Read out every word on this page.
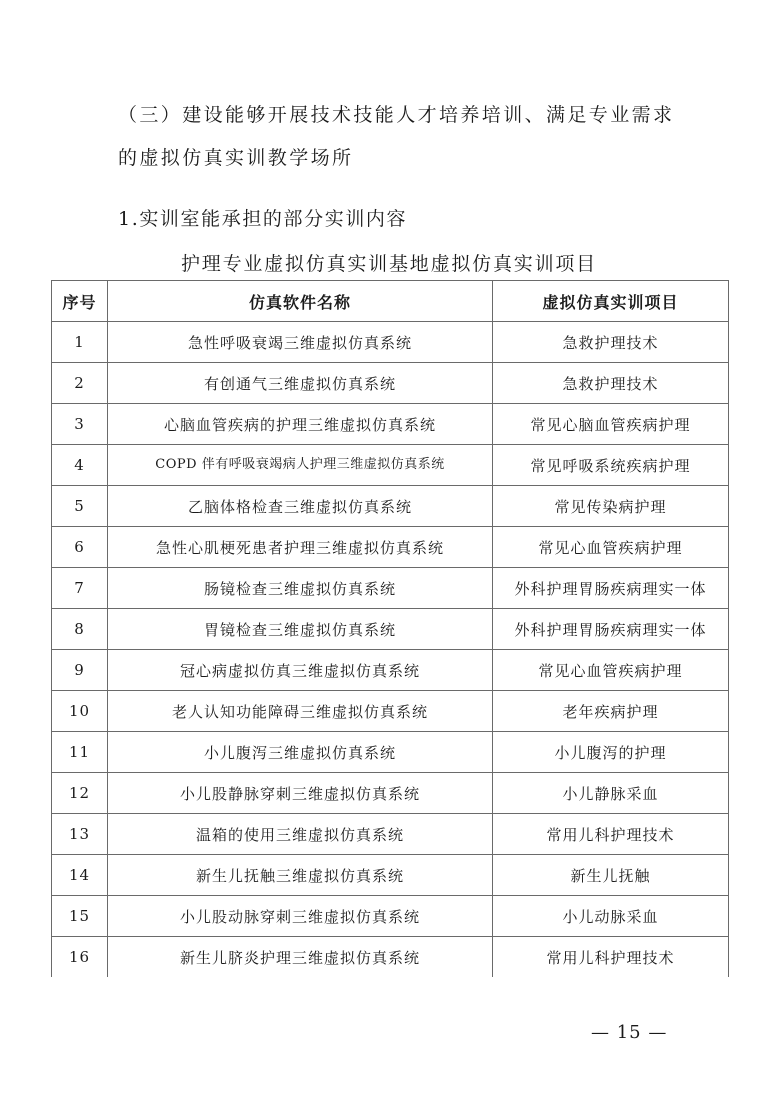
（三）建设能够开展技术技能人才培养培训、满足专业需求
的虚拟仿真实训教学场所
1.实训室能承担的部分实训内容
护理专业虚拟仿真实训基地虚拟仿真实训项目
序号	仿真软件名称	虚拟仿真实训项目
1	急性呼吸衰竭三维虚拟仿真系统	急救护理技术
2	有创通气三维虚拟仿真系统	急救护理技术
3	心脑血管疾病的护理三维虚拟仿真系统	常见心脑血管疾病护理
4	COPD 伴有呼吸衰竭病人护理三维虚拟仿真系统	常见呼吸系统疾病护理
5	乙脑体格检查三维虚拟仿真系统	常见传染病护理
6	急性心肌梗死患者护理三维虚拟仿真系统	常见心血管疾病护理
7	肠镜检查三维虚拟仿真系统	外科护理胃肠疾病理实一体
8	胃镜检查三维虚拟仿真系统	外科护理胃肠疾病理实一体
9	冠心病虚拟仿真三维虚拟仿真系统	常见心血管疾病护理
10	老人认知功能障碍三维虚拟仿真系统	老年疾病护理
11	小儿腹泻三维虚拟仿真系统	小儿腹泻的护理
12	小儿股静脉穿刺三维虚拟仿真系统	小儿静脉采血
13	温箱的使用三维虚拟仿真系统	常用儿科护理技术
14	新生儿抚触三维虚拟仿真系统	新生儿抚触
15	小儿股动脉穿刺三维虚拟仿真系统	小儿动脉采血
16	新生儿脐炎护理三维虚拟仿真系统	常用儿科护理技术
— 15 —
